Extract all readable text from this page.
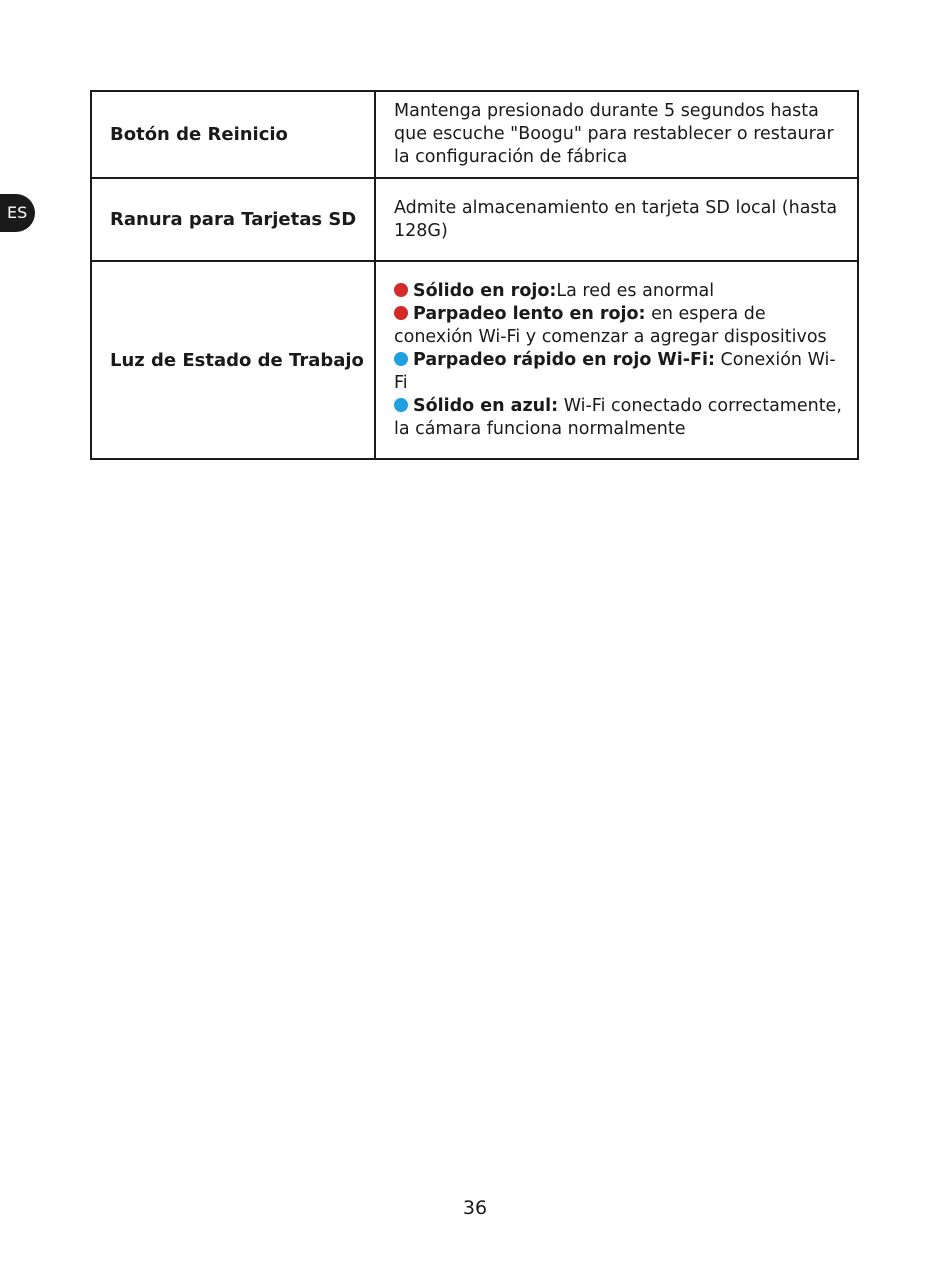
ES
Botón de Reinicio	Mantenga presionado durante 5 segundos hasta que escuche "Boogu" para restablecer o restaurar la configuración de fábrica
Ranura para Tarjetas SD	Admite almacenamiento en tarjeta SD local (hasta 128G)
Luz de Estado de Trabajo	Sólido en rojo:La red es anormal
Parpadeo lento en rojo: en espera de conexión Wi-Fi y comenzar a agregar dispositivos
Parpadeo rápido en rojo Wi-Fi: Conexión Wi-Fi
Sólido en azul: Wi-Fi conectado correctamente, la cámara funciona normalmente
36
